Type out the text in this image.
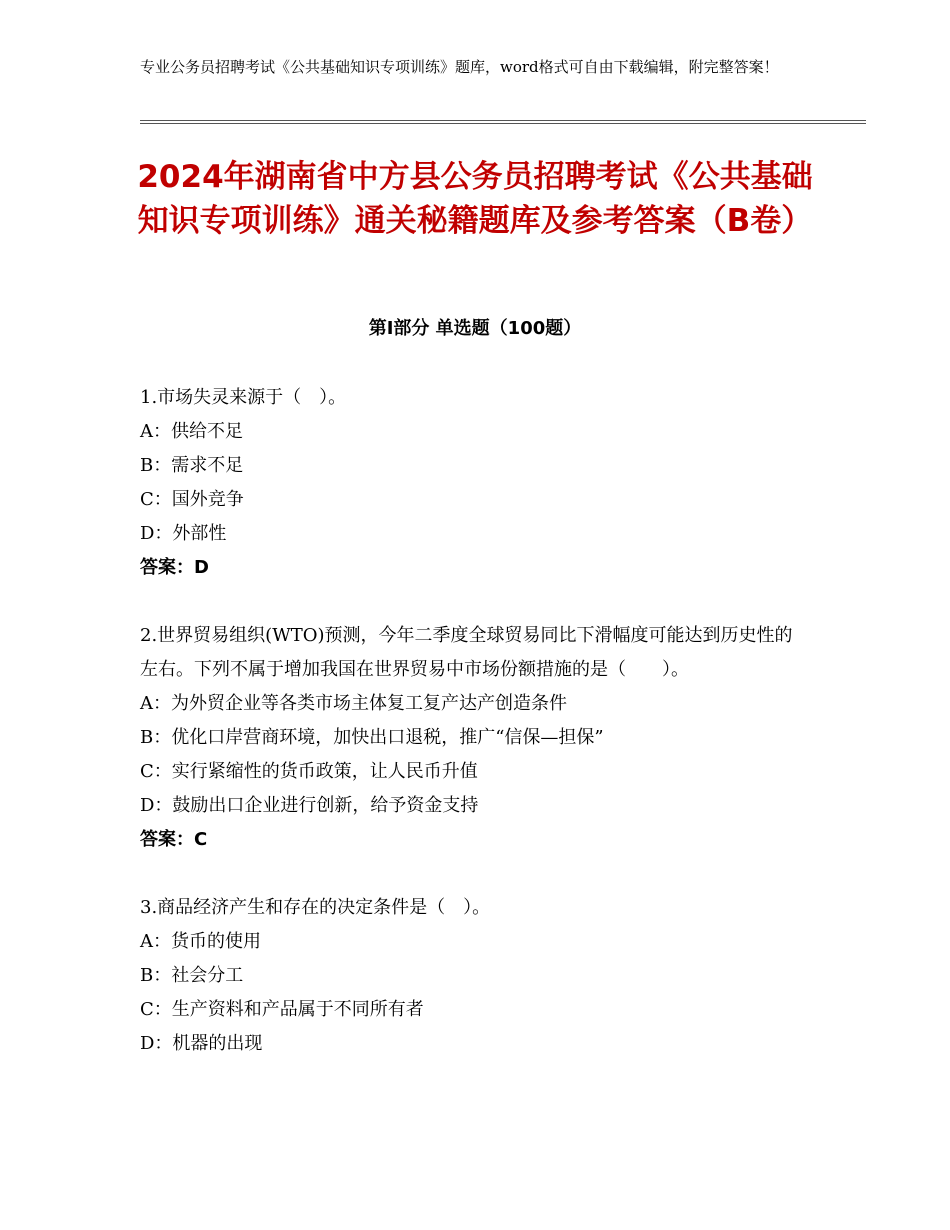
专业公务员招聘考试《公共基础知识专项训练》题库，word格式可自由下载编辑，附完整答案！
2024年湖南省中方县公务员招聘考试《公共基础知识专项训练》通关秘籍题库及参考答案（B卷）
第Ⅰ部分 单选题（100题）

1.市场失灵来源于（　）。

A：供给不足

B：需求不足

C：国外竞争

D：外部性

答案：D

2.世界贸易组织(WTO)预测，今年二季度全球贸易同比下滑幅度可能达到历史性的左右。下列不属于增加我国在世界贸易中市场份额措施的是（　　）。

A：为外贸企业等各类市场主体复工复产达产创造条件

B：优化口岸营商环境，加快出口退税，推广“信保—担保”

C：实行紧缩性的货币政策，让人民币升值

D：鼓励出口企业进行创新，给予资金支持

答案：C

3.商品经济产生和存在的决定条件是（　）。

A：货币的使用

B：社会分工

C：生产资料和产品属于不同所有者

D：机器的出现
